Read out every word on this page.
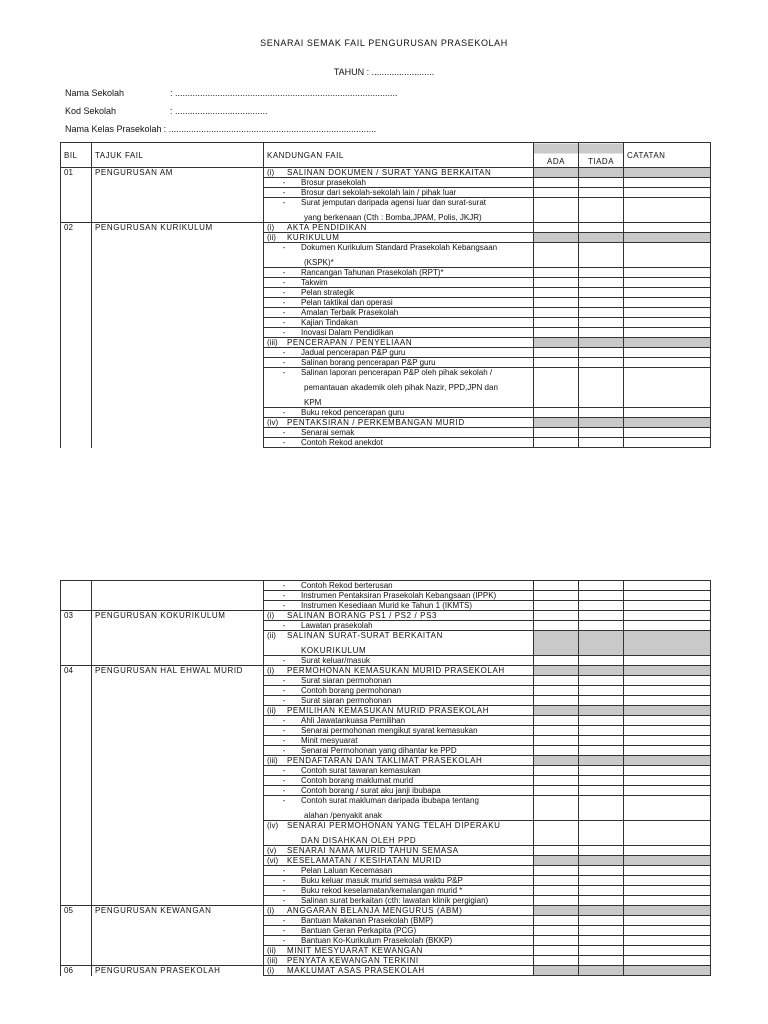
SENARAI SEMAK FAIL PENGURUSAN PRASEKOLAH
TAHUN : .........................
Nama Sekolah	: .........................................................................................
Kod Sekolah	: .....................................
Nama Kelas Prasekolah : ...................................................................................
BIL	TAJUK FAIL	KANDUNGAN FAIL	ADA	TIADA	CATATAN
01	PENGURUSAN AM	(i) SALINAN DOKUMEN / SURAT YANG BERKAITAN			
		- Brosur prasekolah			
		- Brosur dari sekolah-sekolah lain / pihak luar			
		- Surat jemputan daripada agensi luar dan surat-surat
yang berkenaan (Cth : Bomba,JPAM, Polis, JKJR)			

02	PENGURUSAN KURIKULUM	(i) AKTA PENDIDIKAN			
		(ii) KURIKULUM			
		- Dokumen Kurikulum Standard Prasekolah Kebangsaan
(KSPK)*			

		- Rancangan Tahunan Prasekolah (RPT)*			
		- Takwim			
		- Pelan strategik			
		- Pelan taktikal dan operasi			
		- Amalan Terbaik Prasekolah			
		- Kajian Tindakan			
		- Inovasi Dalam Pendidikan			
		(iii) PENCERAPAN / PENYELIAAN			
		- Jadual pencerapan P&P guru			
		- Salinan borang pencerapan P&P guru			
		- Salinan laporan pencerapan P&P oleh pihak sekolah /
pemantauan akademik oleh pihak Nazir, PPD,JPN dan
KPM			

		- Buku rekod pencerapan guru			
		(iv) PENTAKSIRAN / PERKEMBANGAN MURID			
		- Senarai semak			
		- Contoh Rekod anekdot			
		- Contoh Rekod berterusan			
		- Instrumen Pentaksiran Prasekolah Kebangsaan (IPPK)			
		- Instrumen Kesediaan Murid ke Tahun 1 (IKMTS)			
03	PENGURUSAN KOKURIKULUM	(i) SALINAN BORANG PS1 / PS2 / PS3			
		- Lawatan prasekolah			
		(ii) SALINAN SURAT-SURAT BERKAITAN
KOKURIKULUM			

		- Surat keluar/masuk			
04	PENGURUSAN HAL EHWAL MURID	(i) PERMOHONAN KEMASUKAN MURID PRASEKOLAH			
		- Surat siaran permohonan			
		- Contoh borang permohonan			
		- Surat siaran permohonan			
		(ii) PEMILIHAN KEMASUKAN MURID PRASEKOLAH			
		- Ahli Jawatankuasa Pemilihan			
		- Senarai permohonan mengikut syarat kemasukan			
		- Minit mesyuarat			
		- Senarai Permohonan yang dihantar ke PPD			
		(iii) PENDAFTARAN DAN TAKLIMAT PRASEKOLAH			
		- Contoh surat tawaran kemasukan			
		- Contoh borang maklumat murid			
		- Contoh borang / surat aku janji ibubapa			
		- Contoh surat makluman daripada ibubapa tentang
alahan /penyakit anak			

		(iv) SENARAI PERMOHONAN YANG TELAH DIPERAKU
DAN DISAHKAN OLEH PPD			

		(v) SENARAI NAMA MURID TAHUN SEMASA			
		(vi) KESELAMATAN / KESIHATAN MURID			
		- Pelan Laluan Kecemasan			
		- Buku keluar masuk murid semasa waktu P&P			
		- Buku rekod keselamatan/kemalangan murid *			
		- Salinan surat berkaitan (cth: lawatan klinik pergigian)			
05	PENGURUSAN KEWANGAN	(i) ANGGARAN BELANJA MENGURUS (ABM)			
		- Bantuan Makanan Prasekolah (BMP)			
		- Bantuan Geran Perkapita (PCG)			
		- Bantuan Ko-Kurikulum Prasekolah (BKKP)			
		(ii) MINIT MESYUARAT KEWANGAN			
		(iii) PENYATA KEWANGAN TERKINI			
06	PENGURUSAN PRASEKOLAH	(i) MAKLUMAT ASAS PRASEKOLAH			
